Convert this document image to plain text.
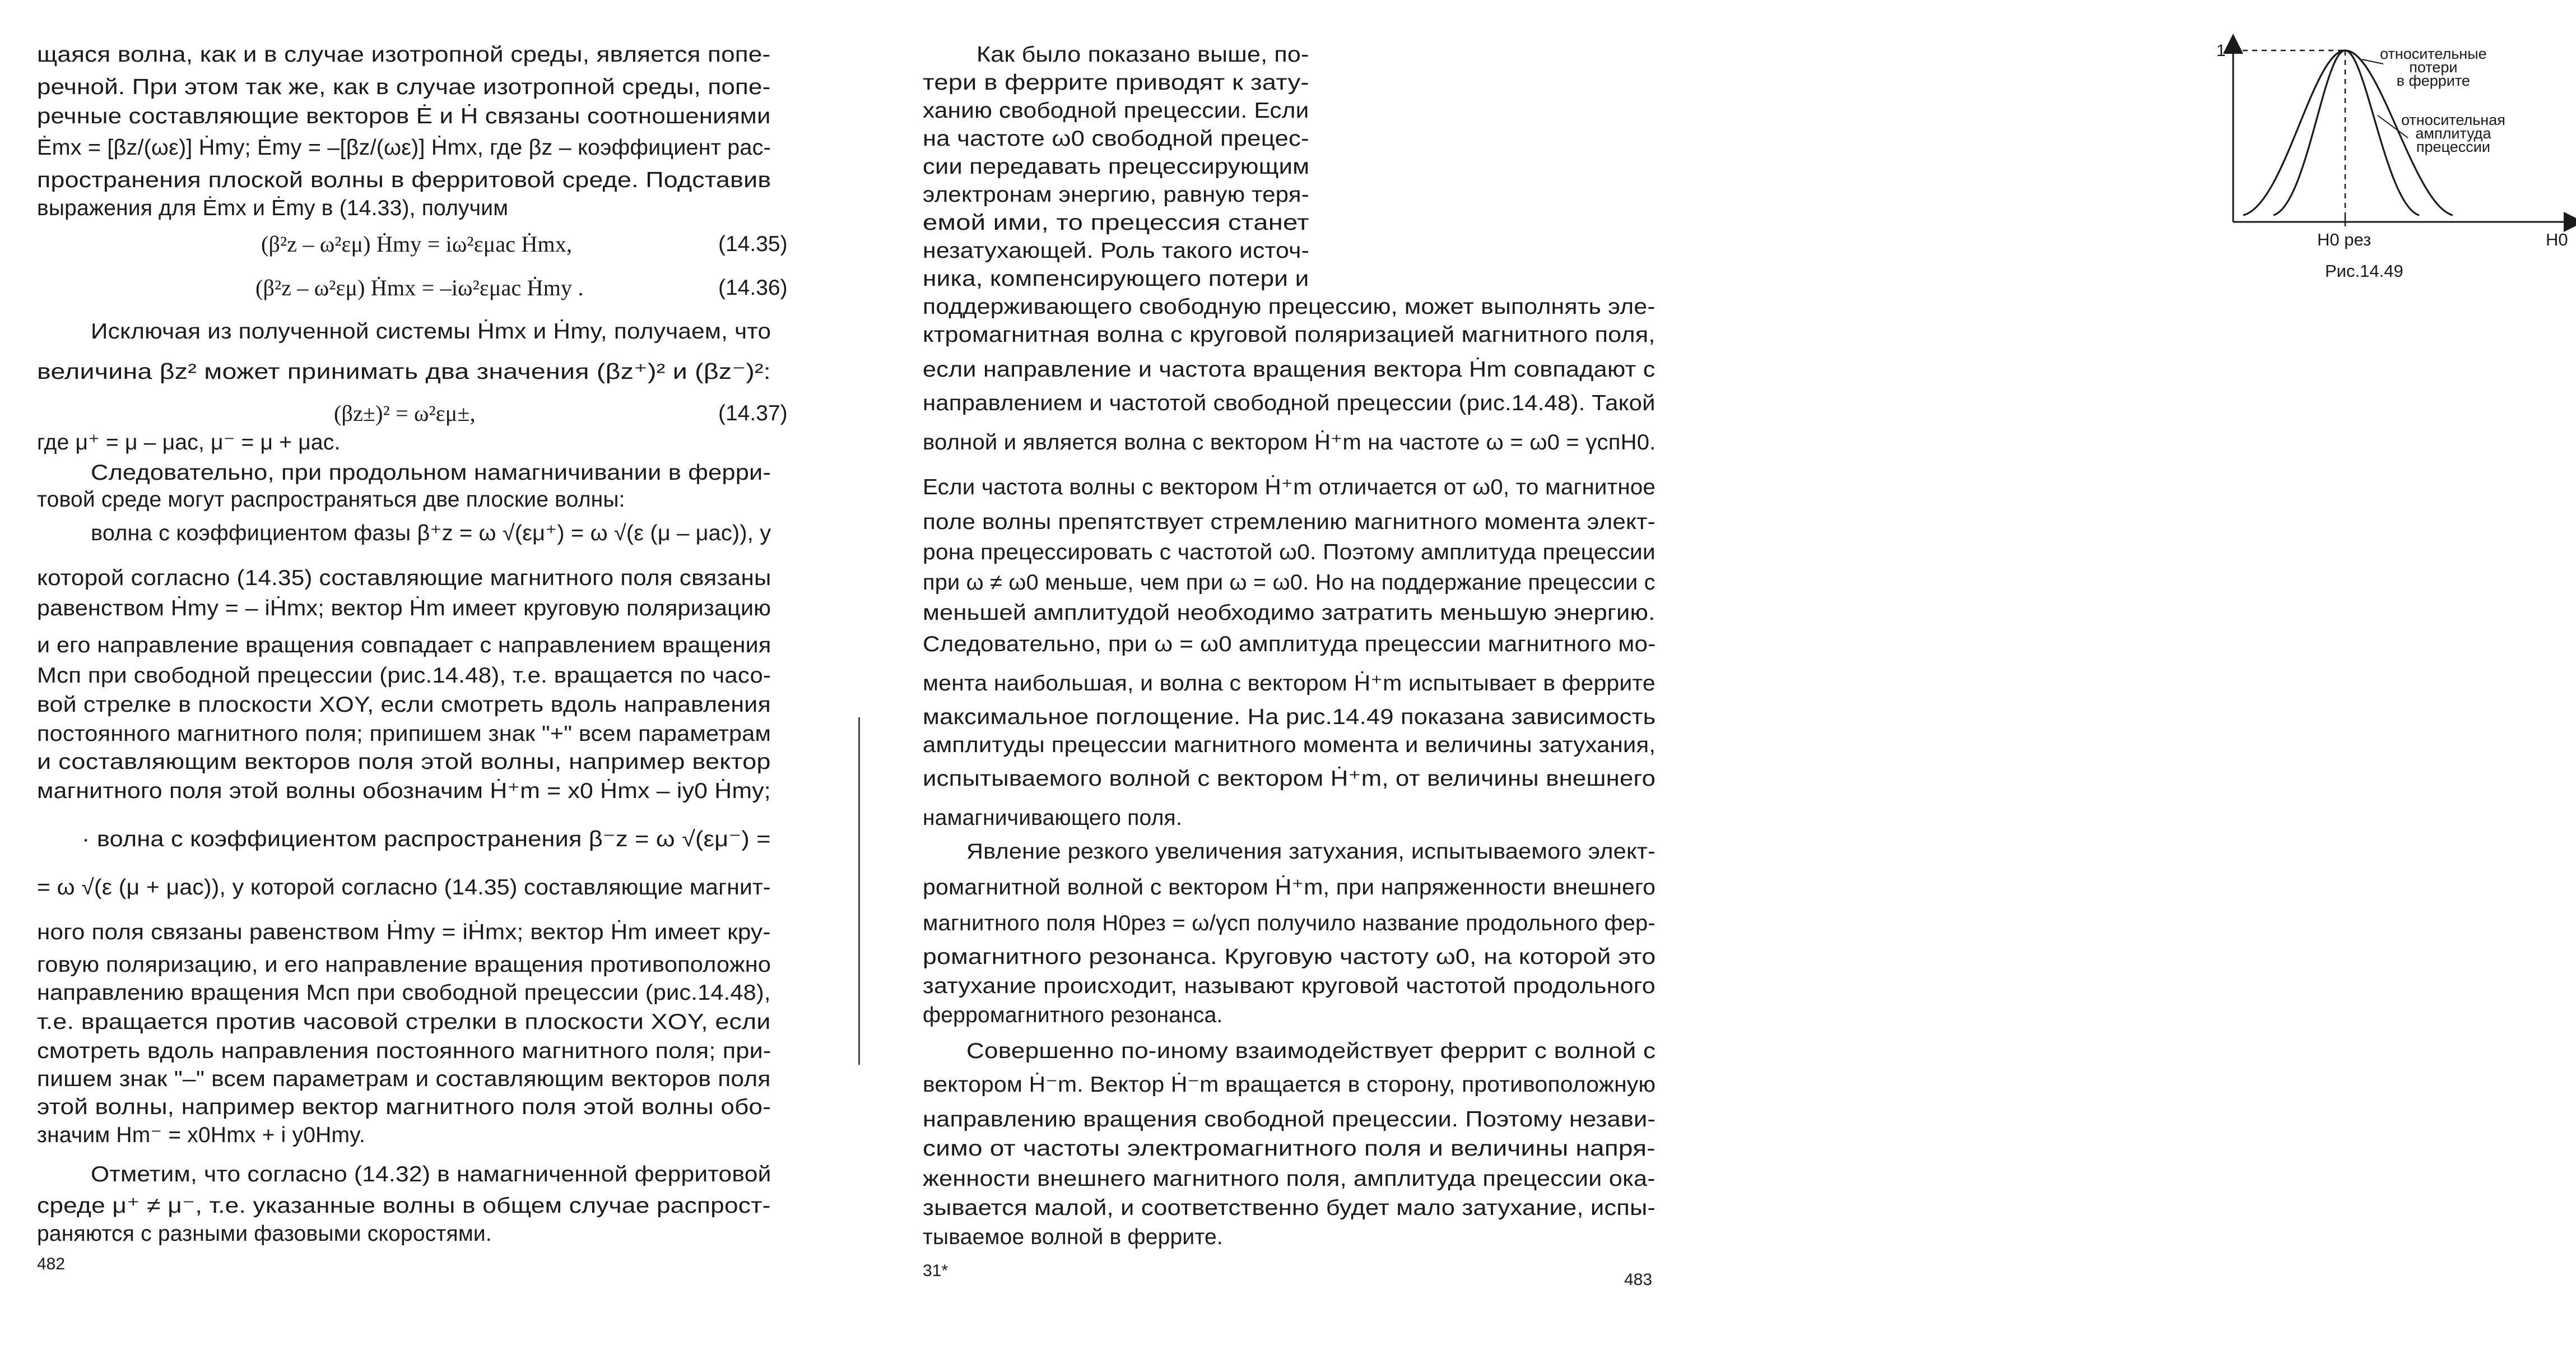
щаяся волна, как и в случае изотропной среды, является попе-
речной. При этом так же, как в случае изотропной среды, попе-
речные составляющие векторов Ė и Ḣ связаны соотношениями
Ėmx = [βz/(ωε)] Ḣmy; Ėmy = –[βz/(ωε)] Ḣmx, где βz – коэффициент рас-
пространения плоской волны в ферритовой среде. Подставив
выражения для Ėmx и Ėmy в (14.33), получим
(β²z – ω²εμ) Ḣmy = iω²εμac Ḣmx,
(β²z – ω²εμ) Ḣmx = –iω²εμac Ḣmy .
Исключая из полученной системы Ḣmx и Ḣmy, получаем, что
величина βz² может принимать два значения (βz⁺)² и (βz⁻)²:
(βz±)² = ω²εμ±,
где μ⁺ = μ – μac, μ⁻ = μ + μac.
Следовательно, при продольном намагничивании в ферри-
товой среде могут распространяться две плоские волны:
волна с коэффициентом фазы β⁺z = ω √(εμ⁺) = ω √(ε (μ – μac)), у
которой согласно (14.35) составляющие магнитного поля связаны
равенством Ḣmy = – iḢmx; вектор Ḣm имеет круговую поляризацию
и его направление вращения совпадает с направлением вращения
Mсп при свободной прецессии (рис.14.48), т.е. вращается по часо-
вой стрелке в плоскости XOY, если смотреть вдоль направления
постоянного магнитного поля; припишем знак "+" всем параметрам
и составляющим векторов поля этой волны, например вектор
магнитного поля этой волны обозначим Ḣ⁺m = x0 Ḣmx – iy0 Ḣmy;
· волна с коэффициентом распространения β⁻z = ω √(εμ⁻) =
= ω √(ε (μ + μac)), у которой согласно (14.35) составляющие магнит-
ного поля связаны равенством Ḣmy = iḢmx; вектор Ḣm имеет кру-
говую поляризацию, и его направление вращения противоположно
направлению вращения Mсп при свободной прецессии (рис.14.48),
т.е. вращается против часовой стрелки в плоскости XOY, если
смотреть вдоль направления постоянного магнитного поля; при-
пишем знак "–" всем параметрам и составляющим векторов поля
этой волны, например вектор магнитного поля этой волны обо-
значим Hm⁻ = x0Hmx + i y0Hmy.
Отметим, что согласно (14.32) в намагниченной ферритовой
среде μ⁺ ≠ μ⁻, т.е. указанные волны в общем случае распрост-
раняются с разными фазовыми скоростями.
(14.35)
(14.36)
(14.37)
482
1
H0 рез	H0
относительные
потери
в феррите
относительная
амплитуда
прецессии
Рис.14.49
Как было показано выше, по-
тери в феррите приводят к зату-
ханию свободной прецессии. Если
на частоте ω0 свободной прецес-
сии передавать прецессирующим
электронам энергию, равную теря-
емой ими, то прецессия станет
незатухающей. Роль такого источ-
ника, компенсирующего потери и
поддерживающего свободную прецессию, может выполнять эле-
ктромагнитная волна с круговой поляризацией магнитного поля,
если направление и частота вращения вектора Ḣm совпадают с
направлением и частотой свободной прецессии (рис.14.48). Такой
волной и является волна с вектором Ḣ⁺m на частоте ω = ω0 = γспH0.
Если частота волны с вектором Ḣ⁺m отличается от ω0, то магнитное
поле волны препятствует стремлению магнитного момента элект-
рона прецессировать с частотой ω0. Поэтому амплитуда прецессии
при ω ≠ ω0 меньше, чем при ω = ω0. Но на поддержание прецессии с
меньшей амплитудой необходимо затратить меньшую энергию.
Следовательно, при ω = ω0 амплитуда прецессии магнитного мо-
мента наибольшая, и волна с вектором Ḣ⁺m испытывает в феррите
максимальное поглощение. На рис.14.49 показана зависимость
амплитуды прецессии магнитного момента и величины затухания,
испытываемого волной с вектором Ḣ⁺m, от величины внешнего
намагничивающего поля.
Явление резкого увеличения затухания, испытываемого элект-
ромагнитной волной с вектором Ḣ⁺m, при напряженности внешнего
магнитного поля H0рез = ω/γсп получило название продольного фер-
ромагнитного резонанса. Круговую частоту ω0, на которой это
затухание происходит, называют круговой частотой продольного
ферромагнитного резонанса.
Совершенно по-иному взаимодействует феррит с волной с
вектором Ḣ⁻m. Вектор Ḣ⁻m вращается в сторону, противоположную
направлению вращения свободной прецессии. Поэтому незави-
симо от частоты электромагнитного поля и величины напря-
женности внешнего магнитного поля, амплитуда прецессии ока-
зывается малой, и соответственно будет мало затухание, испы-
тываемое волной в феррите.
31*	483
